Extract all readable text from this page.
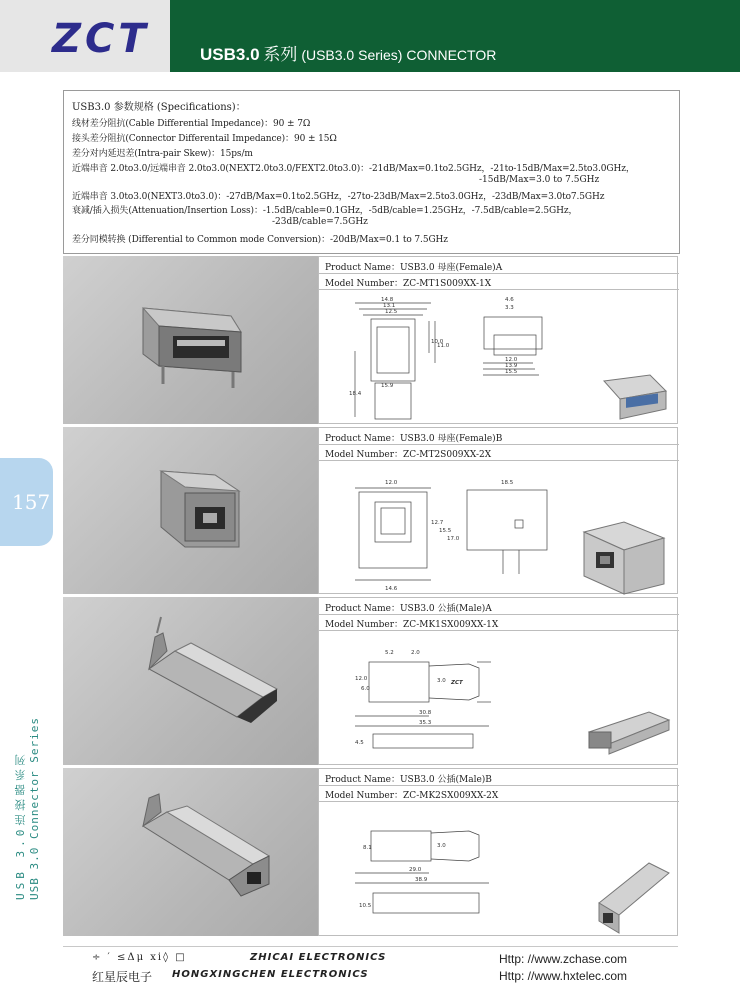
ZCT	USB3.0 系列 (USB3.0 Series) CONNECTOR
157
USB 3.0连接器系列 USB 3.0 Connector Series
USB3.0 参数规格 (Specifications)：
线材差分阻抗(Cable Differential Impedance)：90 ± 7Ω
接头差分阻抗(Connector Differentail Impedance)：90 ± 15Ω
差分对内延迟差(Intra-pair Skew)：15ps/m
近端串音 2.0to3.0/远端串音 2.0to3.0(NEXT2.0to3.0/FEXT2.0to3.0)：-21dB/Max=0.1to2.5GHz，-21to-15dB/Max=2.5to3.0GHz，
-15dB/Max=3.0 to 7.5GHz
近端串音 3.0to3.0(NEXT3.0to3.0)：-27dB/Max=0.1to2.5GHz，-27to-23dB/Max=2.5to3.0GHz，-23dB/Max=3.0to7.5GHz
衰减/插入损失(Attenuation/Insertion Loss)：-1.5dB/cable=0.1GHz，-5dB/cable=1.25GHz，-7.5dB/cable=2.5GHz，
-23dB/cable=7.5GHz
差分同模转换 (Differential to Common mode Conversion)：-20dB/Max=0.1 to 7.5GHz
Product Name：USB3.0 母座(Female)A
Model Number：ZC-MT1S009XX-1X
14.8
13.1
12.5
15.9
10.0
11.0
18.4
4.6
3.3
12.0
13.9
15.5
Product Name：USB3.0 母座(Female)B
Model Number：ZC-MT2S009XX-2X
12.0
12.7
15.5
17.0
14.6
18.5
Product Name：USB3.0 公插(Male)A
Model Number：ZC-MK1SX009XX-1X
5.2	2.0
12.0
6.0
30.8
35.3
4.5
3.0 ZCT
Product Name：USB3.0 公插(Male)B
Model Number：ZC-MK2SX009XX-2X
8.1
29.0
38.9
10.5
3.0
÷ ′ ≤Δμ xi◊ □	ZHICAI ELECTRONICS
红星辰电子 HONGXINGCHEN ELECTRONICS
Http: //www.zchase.com
Http: //www.hxtelec.com
